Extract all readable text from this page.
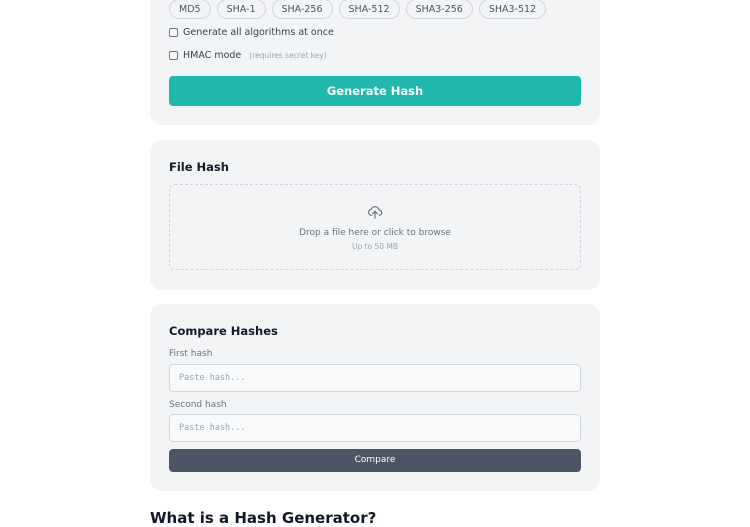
MD5	SHA-1	SHA-256	SHA-512	SHA3-256	SHA3-512
Generate all algorithms at once
HMAC mode (requires secret key)
Generate Hash
File Hash
Drop a file here or click to browse
Up to 50 MB
Compare Hashes
First hash
Paste hash...
Second hash
Paste hash...
Compare
What is a Hash Generator?
